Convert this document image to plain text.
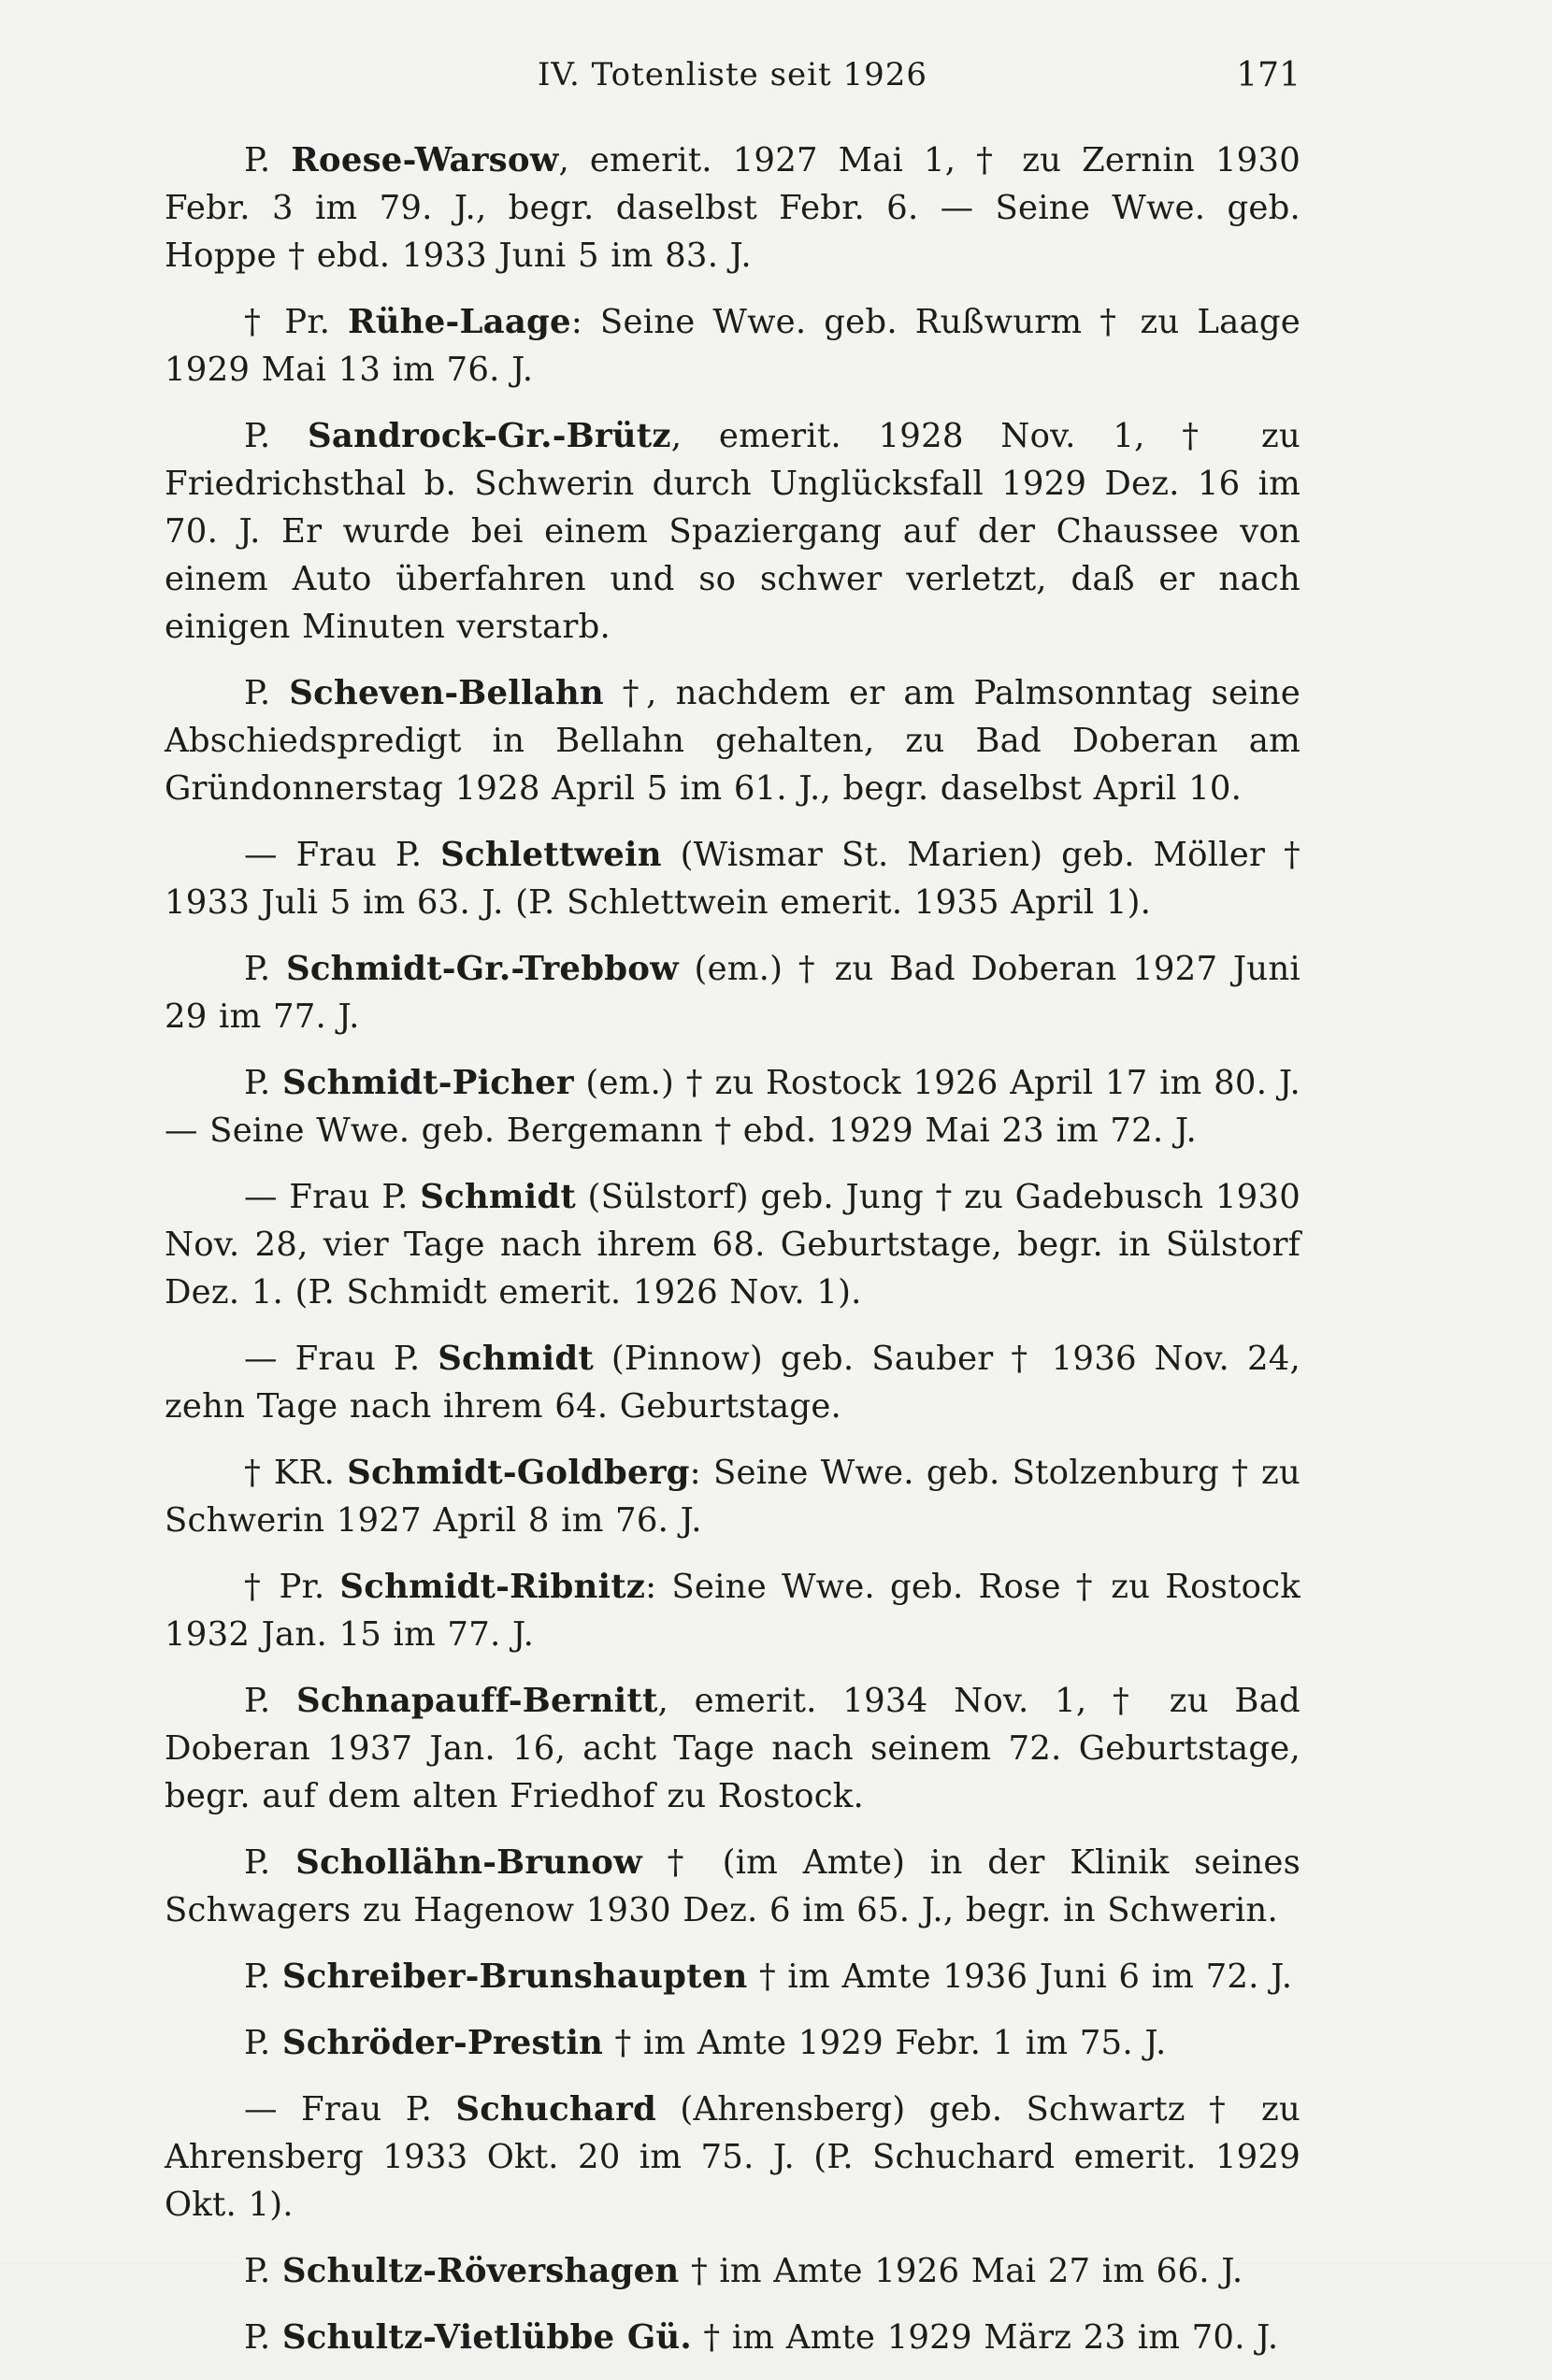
IV. Totenliste seit 1926	171

P. Roese-Warsow, emerit. 1927 Mai 1, † zu Zernin 1930 Febr. 3 im 79. J., begr. daselbst Febr. 6. — Seine Wwe. geb. Hoppe † ebd. 1933 Juni 5 im 83. J.

† Pr. Rühe-Laage: Seine Wwe. geb. Rußwurm † zu Laage 1929 Mai 13 im 76. J.

P. Sandrock-Gr.-Brütz, emerit. 1928 Nov. 1, † zu Friedrichsthal b. Schwerin durch Unglücksfall 1929 Dez. 16 im 70. J. Er wurde bei einem Spaziergang auf der Chaussee von einem Auto überfahren und so schwer verletzt, daß er nach einigen Minuten verstarb.

P. Scheven-Bellahn †, nachdem er am Palmsonntag seine Abschiedspredigt in Bellahn gehalten, zu Bad Doberan am Gründonnerstag 1928 April 5 im 61. J., begr. daselbst April 10.

— Frau P. Schlettwein (Wismar St. Marien) geb. Möller † 1933 Juli 5 im 63. J. (P. Schlettwein emerit. 1935 April 1).

P. Schmidt-Gr.-Trebbow (em.) † zu Bad Doberan 1927 Juni 29 im 77. J.

P. Schmidt-Picher (em.) † zu Rostock 1926 April 17 im 80. J. — Seine Wwe. geb. Bergemann † ebd. 1929 Mai 23 im 72. J.

— Frau P. Schmidt (Sülstorf) geb. Jung † zu Gadebusch 1930 Nov. 28, vier Tage nach ihrem 68. Geburtstage, begr. in Sülstorf Dez. 1. (P. Schmidt emerit. 1926 Nov. 1).

— Frau P. Schmidt (Pinnow) geb. Sauber † 1936 Nov. 24, zehn Tage nach ihrem 64. Geburtstage.

† KR. Schmidt-Goldberg: Seine Wwe. geb. Stolzenburg † zu Schwerin 1927 April 8 im 76. J.

† Pr. Schmidt-Ribnitz: Seine Wwe. geb. Rose † zu Rostock 1932 Jan. 15 im 77. J.

P. Schnapauff-Bernitt, emerit. 1934 Nov. 1, † zu Bad Doberan 1937 Jan. 16, acht Tage nach seinem 72. Geburtstage, begr. auf dem alten Friedhof zu Rostock.

P. Schollähn-Brunow † (im Amte) in der Klinik seines Schwagers zu Hagenow 1930 Dez. 6 im 65. J., begr. in Schwerin.

P. Schreiber-Brunshaupten † im Amte 1936 Juni 6 im 72. J.

P. Schröder-Prestin † im Amte 1929 Febr. 1 im 75. J.

— Frau P. Schuchard (Ahrensberg) geb. Schwartz † zu Ahrensberg 1933 Okt. 20 im 75. J. (P. Schuchard emerit. 1929 Okt. 1).

P. Schultz-Rövershagen † im Amte 1926 Mai 27 im 66. J.

P. Schultz-Vietlübbe Gü. † im Amte 1929 März 23 im 70. J.
